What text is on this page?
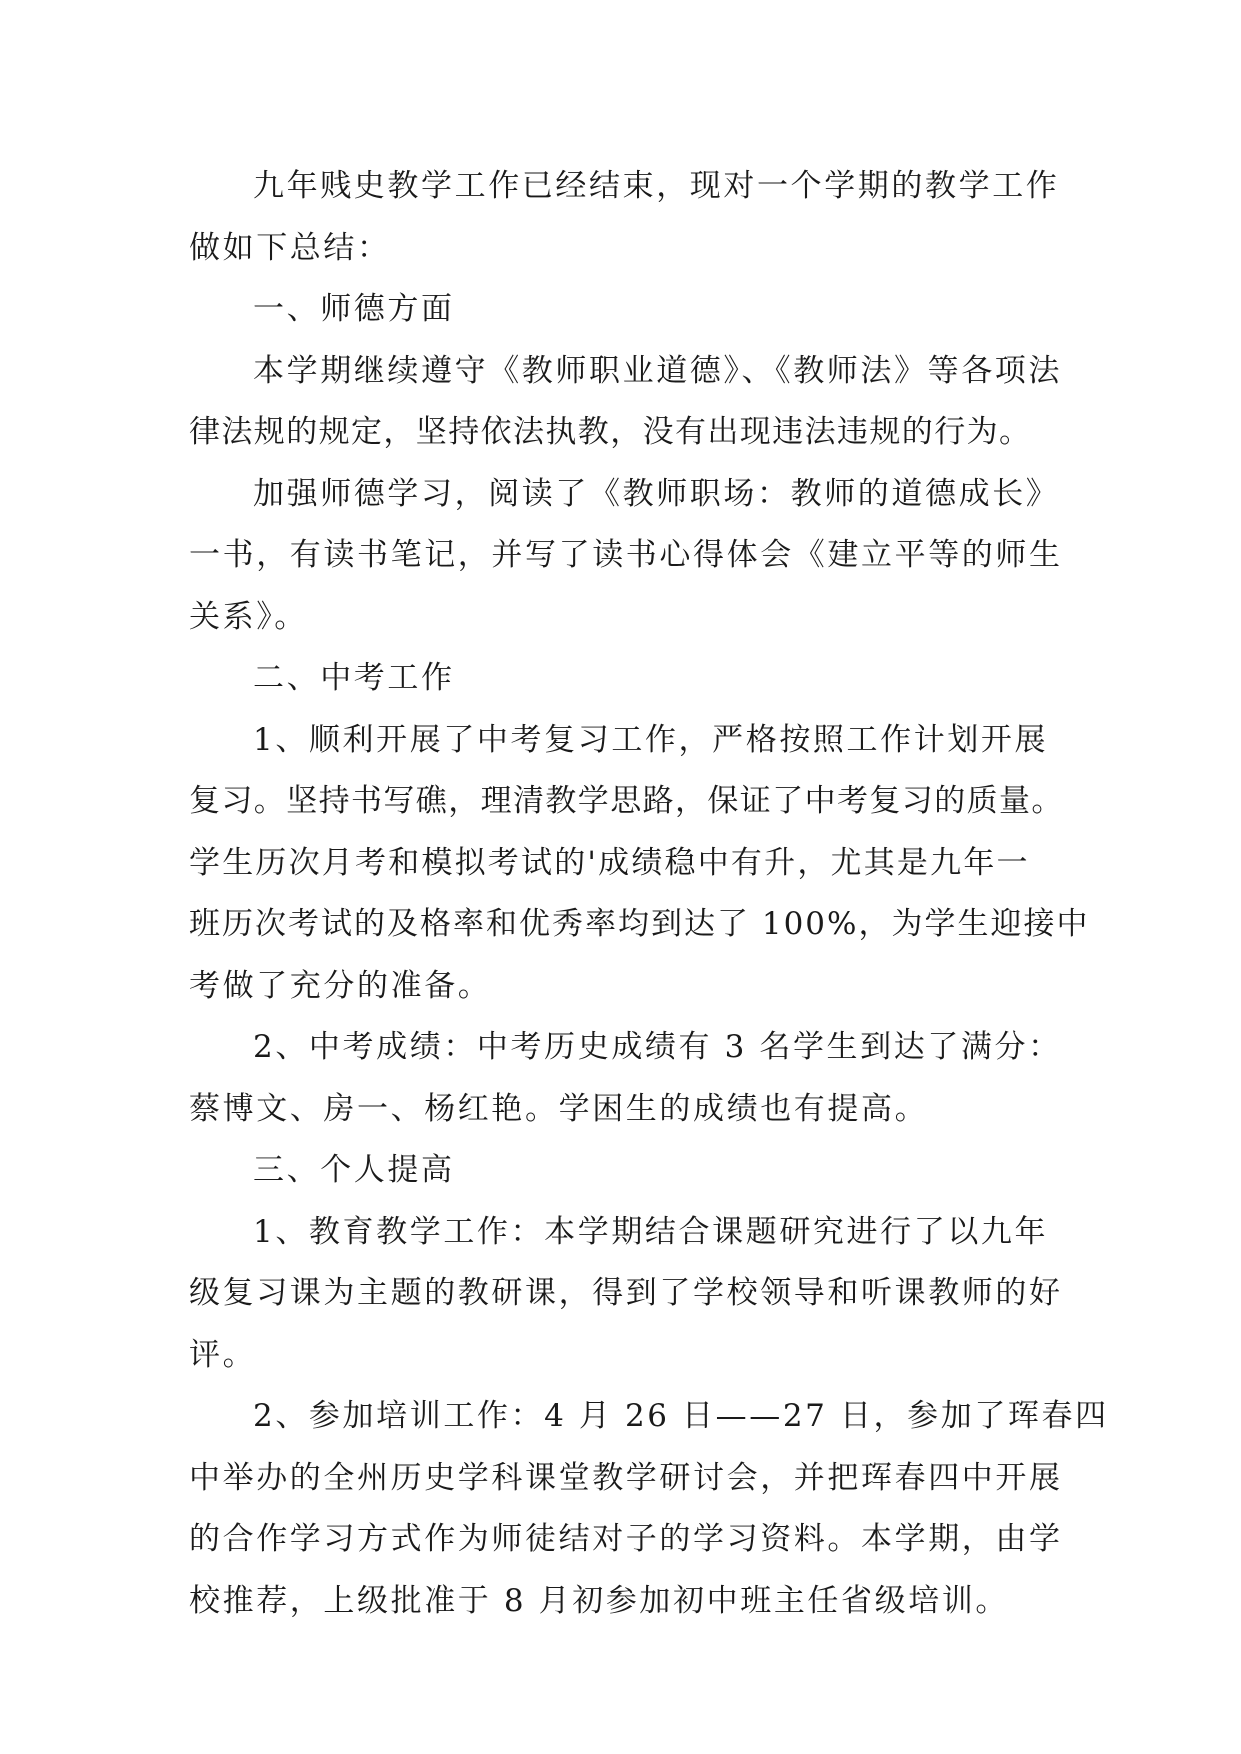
九年贱史教学工作已经结束，现对一个学期的教学工作
做如下总结：

一、师德方面

本学期继续遵守《教师职业道德》、《教师法》等各项法
律法规的规定，坚持依法执教，没有出现违法违规的行为。

加强师德学习，阅读了《教师职场：教师的道德成长》
一书，有读书笔记，并写了读书心得体会《建立平等的师生
关系》。

二、中考工作

1、顺利开展了中考复习工作，严格按照工作计划开展
复习。坚持书写礁，理清教学思路，保证了中考复习的质量。
学生历次月考和模拟考试的'成绩稳中有升，尤其是九年一
班历次考试的及格率和优秀率均到达了 100%，为学生迎接中
考做了充分的准备。

2、中考成绩：中考历史成绩有 3 名学生到达了满分：
蔡博文、房一、杨红艳。学困生的成绩也有提高。

三、个人提高

1、教育教学工作：本学期结合课题研究进行了以九年
级复习课为主题的教研课，得到了学校领导和听课教师的好
评。

2、参加培训工作：4 月 26 日——27 日，参加了珲春四
中举办的全州历史学科课堂教学研讨会，并把珲春四中开展
的合作学习方式作为师徒结对子的学习资料。本学期，由学
校推荐，上级批准于 8 月初参加初中班主任省级培训。
